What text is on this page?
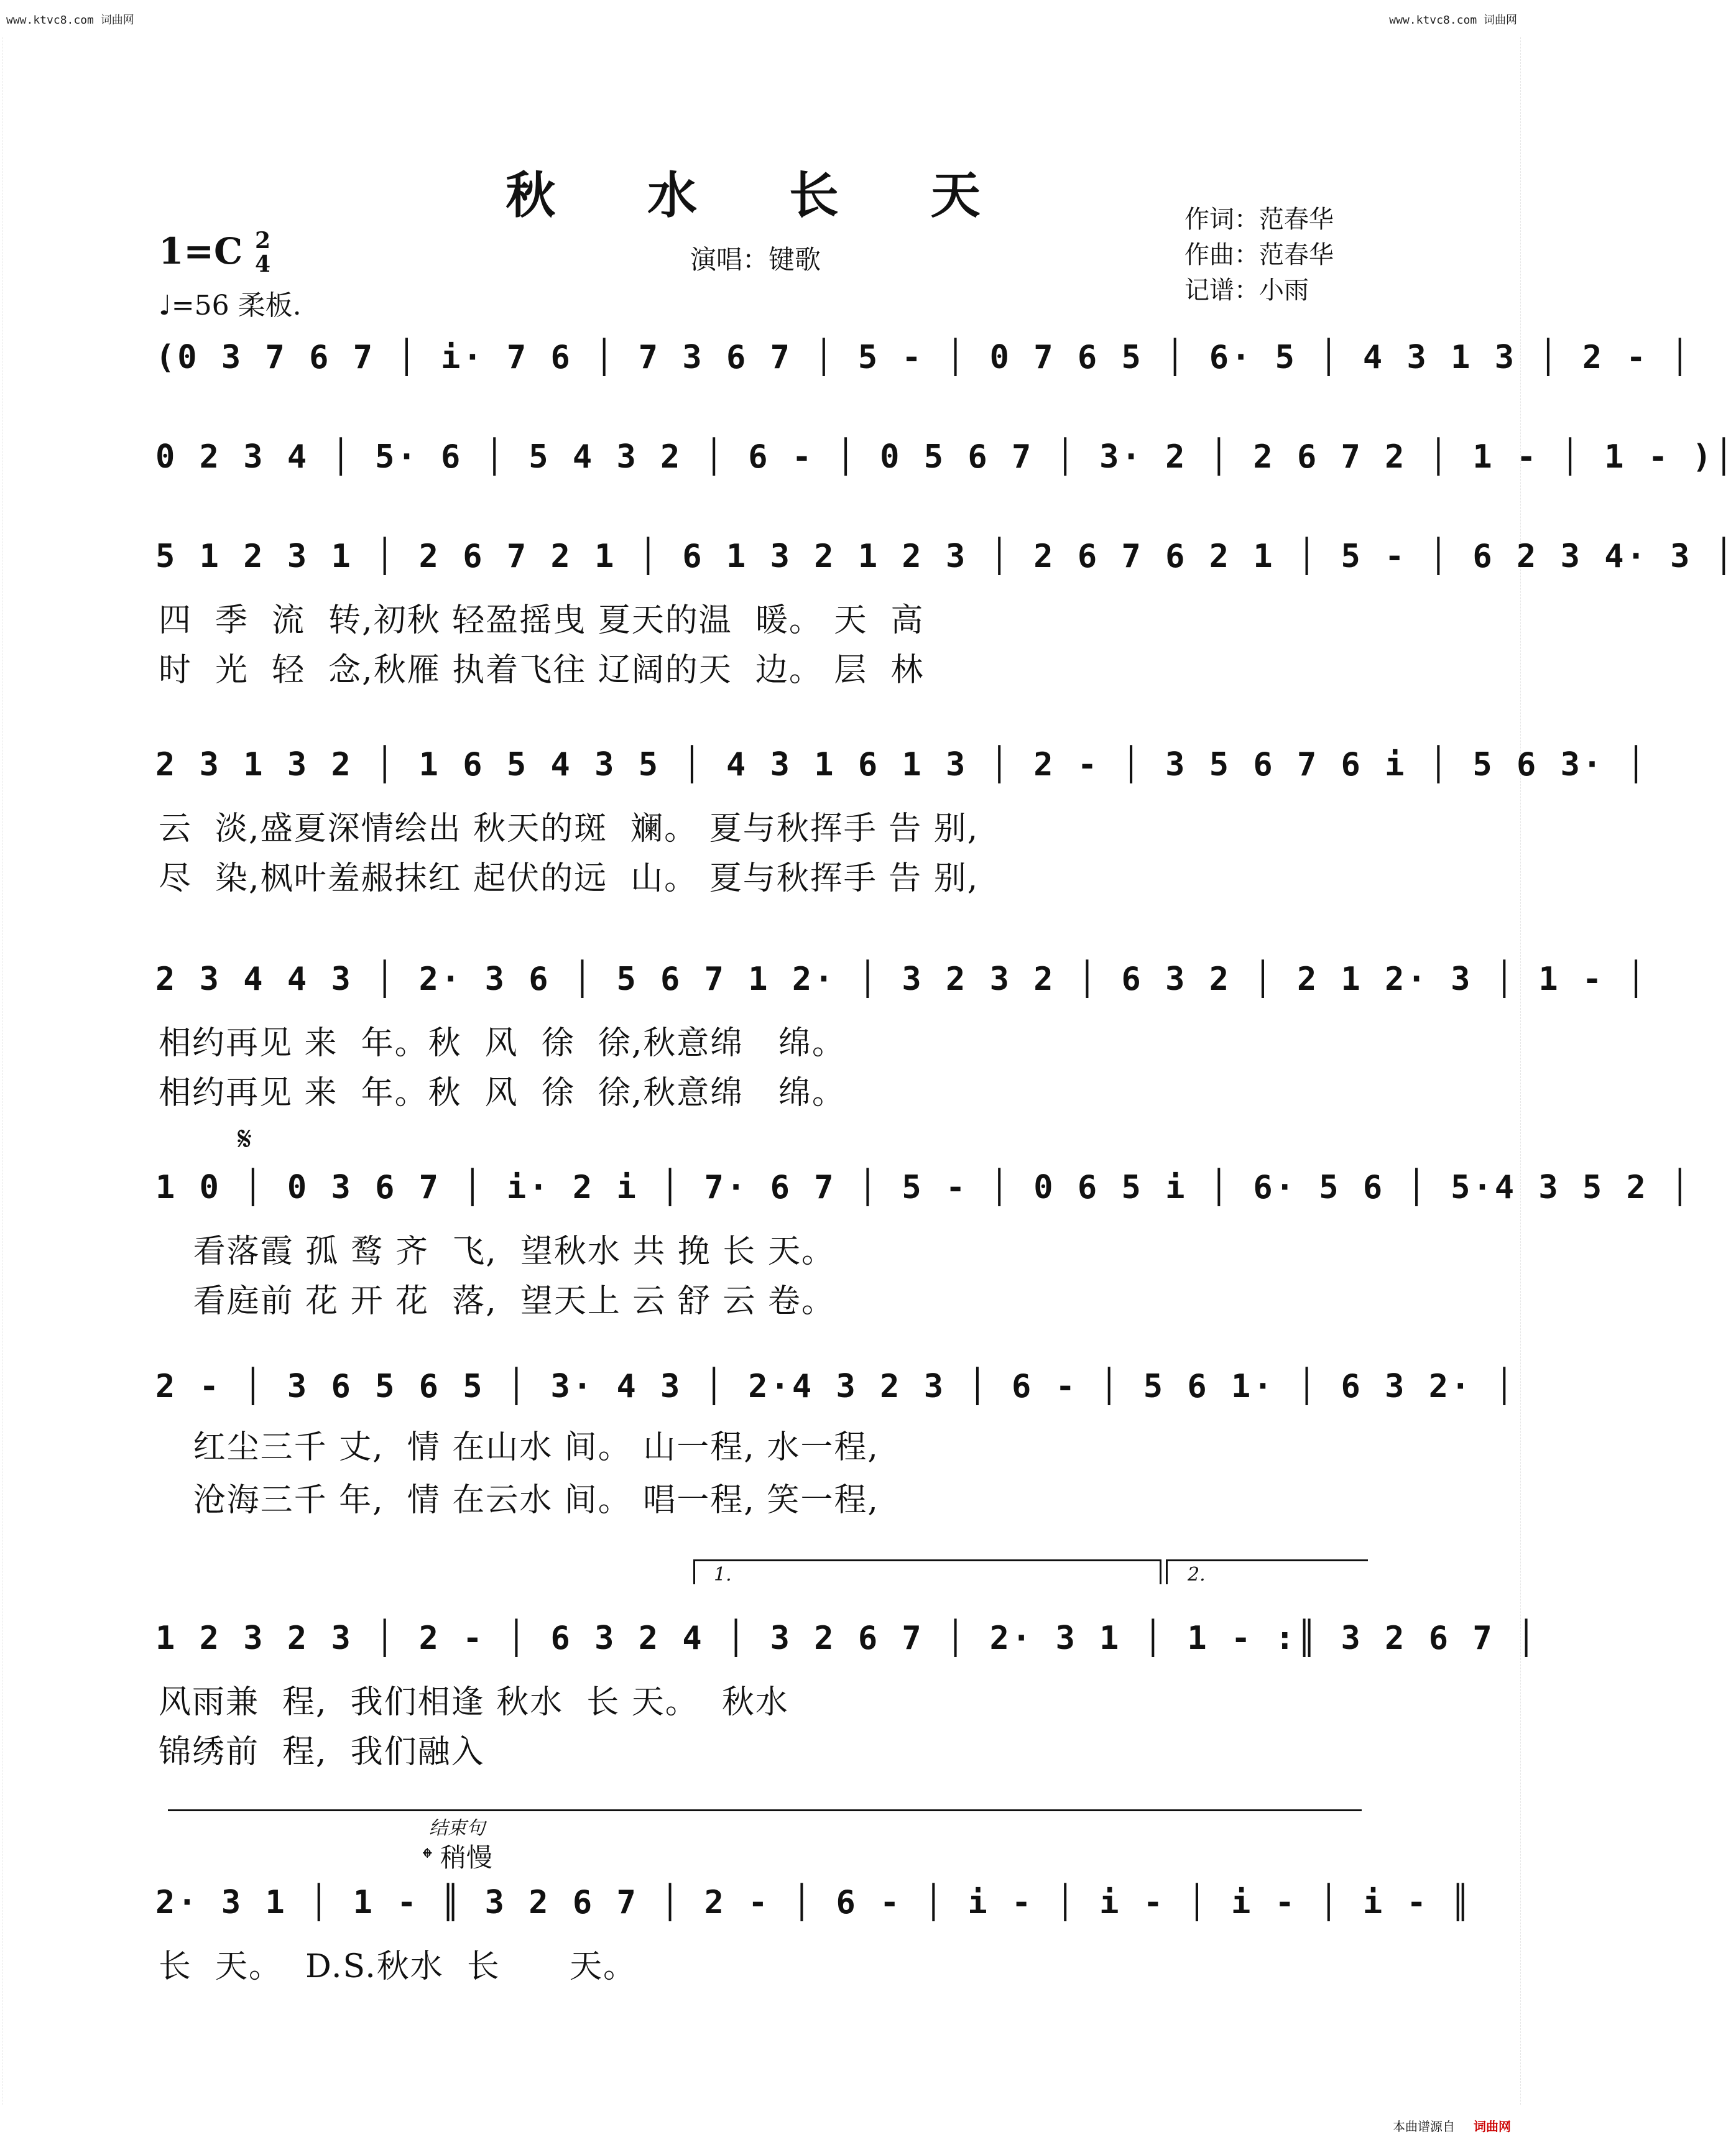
www.ktvc8.com 词曲网	www.ktvc8.com 词曲网
秋 水 长 天
1=C 2
4
♩=56 柔板.
演唱：键歌
作词：范春华
作曲：范春华
记谱：小雨
(0 3 7 6 7 │ i· 7 6 │ 7 3 6 7 │ 5 - │ 0 7 6 5 │ 6· 5 │ 4 3 1 3 │ 2 - │
0 2 3 4 │ 5· 6 │ 5 4 3 2 │ 6 - │ 0 5 6 7 │ 3· 2 │ 2 6 7 2 │ 1 - │ 1 - )│
5 1 2 3 1 │ 2 6 7 2 1 │ 6 1 3 2 1 2 3 │ 2 6 7 6 2 1 │ 5 - │ 6 2 3 4· 3 │
四  季  流  转,初秋 轻盈摇曳 夏天的温  暖。 天  高
时  光  轻  念,秋雁 执着飞往 辽阔的天  边。 层  林
2 3 1 3 2 │ 1 6 5 4 3 5 │ 4 3 1 6 1 3 │ 2 - │ 3 5 6 7 6 i │ 5 6 3· │
云  淡,盛夏深情绘出 秋天的斑  斓。 夏与秋挥手 告 别,
尽  染,枫叶羞赧抹红 起伏的远  山。 夏与秋挥手 告 别,
2 3 4 4 3 │ 2· 3 6 │ 5 6 7 1 2· │ 3 2 3 2 │ 6 3 2 │ 2 1 2· 3 │ 1 - │
相约再见 来  年。秋  风  徐  徐,秋意绵   绵。
相约再见 来  年。秋  风  徐  徐,秋意绵   绵。
𝄋
1 0 │ 0 3 6 7 │ i· 2 i │ 7· 6 7 │ 5 - │ 0 6 5 i │ 6· 5 6 │ 5·4 3 5 2 │
看落霞 孤 鹜 齐  飞,  望秋水 共 挽 长 天。
看庭前 花 开 花  落,  望天上 云 舒 云 卷。
2 - │ 3 6 5 6 5 │ 3· 4 3 │ 2·4 3 2 3 │ 6 - │ 5 6 1· │ 6 3 2· │
红尘三千 丈,  情 在山水 间。 山一程, 水一程,
沧海三千 年,  情 在云水 间。 唱一程, 笑一程,
1.	2.
1 2 3 2 3 │ 2 - │ 6 3 2 4 │ 3 2 6 7 │ 2· 3 1 │ 1 - :║ 3 2 6 7 │
风雨兼  程,  我们相逢 秋水  长 天。  秋水
锦绣前  程,  我们融入
结束句
𝄌 稍慢
2· 3 1 │ 1 - ║ 3 2 6 7 │ 2 - │ 6 - │ i - │ i - │ i - │ i - ║
长  天。  D.S.秋水  长      天。
本曲谱源自 词曲网
